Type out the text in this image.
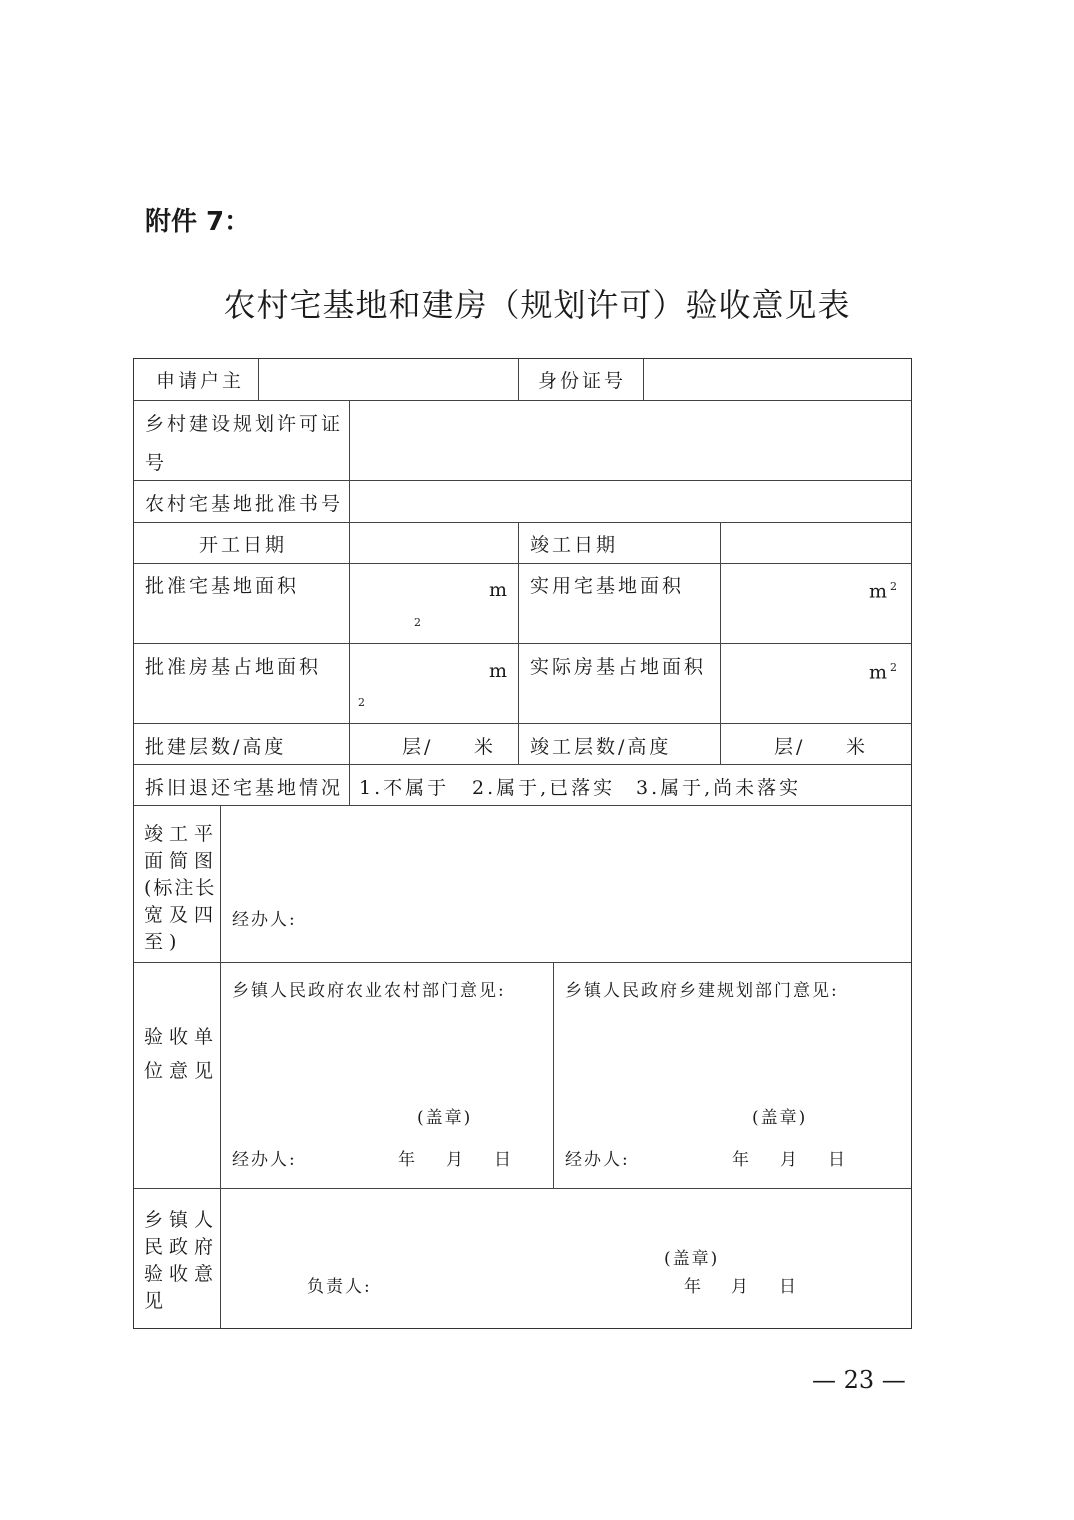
附件 7：
农村宅基地和建房（规划许可）验收意见表
申请户主	身份证号
乡村建设规划许可证
号
农村宅基地批准书号
开工日期	竣工日期
批准宅基地面积	m
2
实用宅基地面积	$m^2$
批准房基占地面积	m
2
实际房基占地面积	$m^2$
批建层数/高度	层/ 米 竣工层数/高度	层/ 米
拆旧退还宅基地情况 1.不属于 2.属于,已落实 3.属于,尚未落实
竣工平
面简图
(标注长
宽及四
至)
经办人:
验收单
位意见
乡镇人民政府农业农村部门意见:
(盖章)
经办人:	年 月 日
乡镇人民政府乡建规划部门意见:
(盖章)
经办人:	年 月 日
乡镇人
民政府
验收意
见
(盖章)
负责人:	年 月 日
— 23 —
